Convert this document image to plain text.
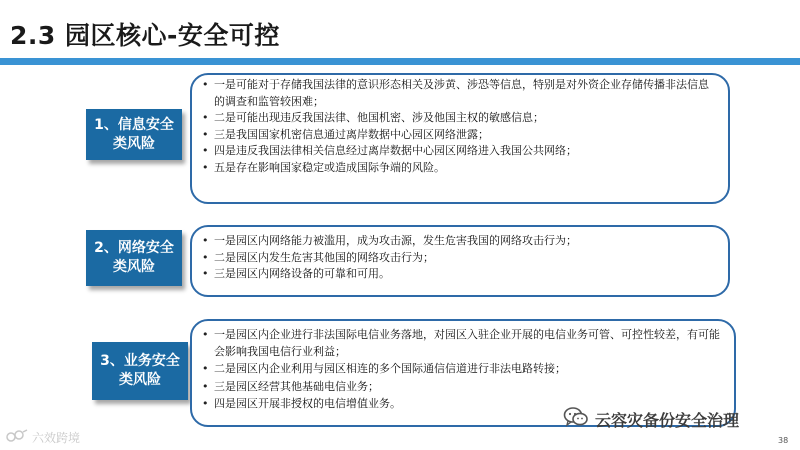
2.3 园区核心-安全可控
1、信息安全
类风险
• 一是可能对于存储我国法律的意识形态相关及涉黄、涉恐等信息，特别是对外资企业存储传播非法信息的调查和监管较困难；
• 二是可能出现违反我国法律、他国机密、涉及他国主权的敏感信息；
• 三是我国国家机密信息通过离岸数据中心园区网络泄露；
• 四是违反我国法律相关信息经过离岸数据中心园区网络进入我国公共网络；
• 五是存在影响国家稳定或造成国际争端的风险。
2、网络安全
类风险
• 一是园区内网络能力被滥用，成为攻击源，发生危害我国的网络攻击行为；
• 二是园区内发生危害其他国的网络攻击行为；
• 三是园区内网络设备的可靠和可用。
3、业务安全
类风险
• 一是园区内企业进行非法国际电信业务落地，对园区入驻企业开展的电信业务可管、可控性较差，有可能会影响我国电信行业利益；
• 二是园区内企业利用与园区相连的多个国际通信信道进行非法电路转接；
• 三是园区经营其他基础电信业务；
• 四是园区开展非授权的电信增值业务。
六效跨境
云容灾备份安全治理
38
